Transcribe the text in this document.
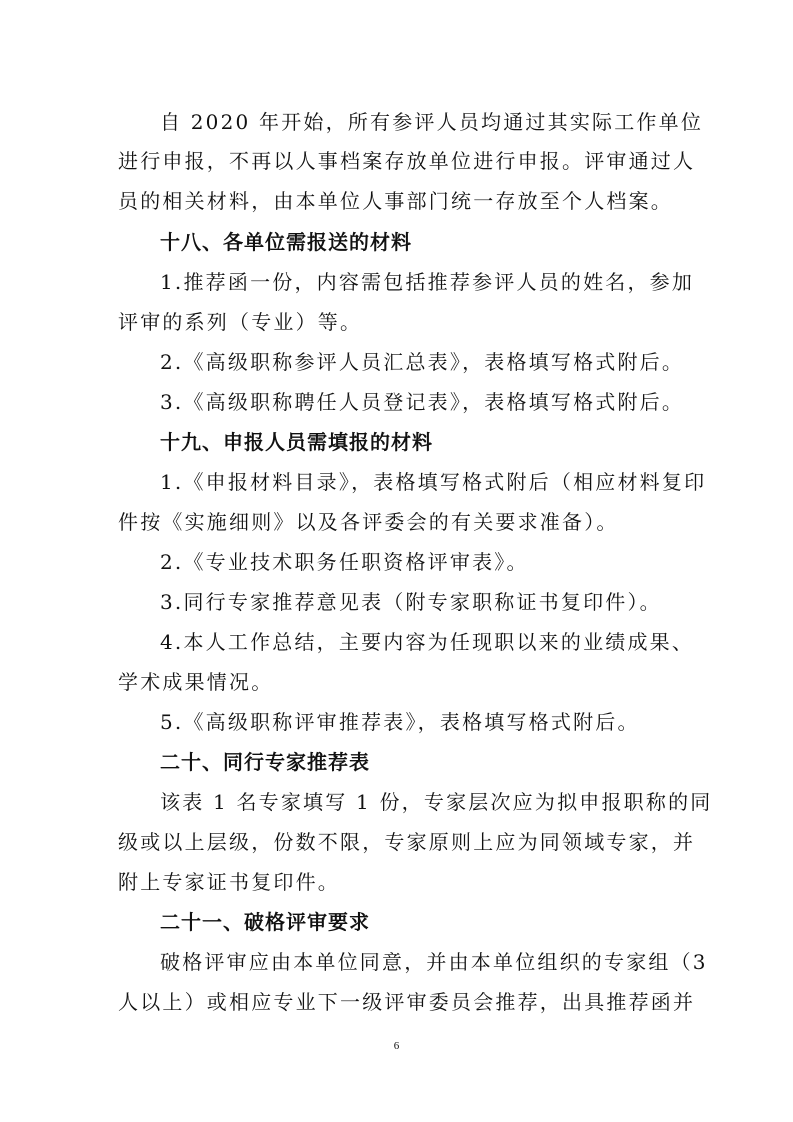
自 2020 年开始，所有参评人员均通过其实际工作单位
进行申报，不再以人事档案存放单位进行申报。评审通过人
员的相关材料，由本单位人事部门统一存放至个人档案。
十八、各单位需报送的材料
1.推荐函一份，内容需包括推荐参评人员的姓名，参加
评审的系列（专业）等。
2.《高级职称参评人员汇总表》，表格填写格式附后。
3.《高级职称聘任人员登记表》，表格填写格式附后。
十九、申报人员需填报的材料
1.《申报材料目录》，表格填写格式附后（相应材料复印
件按《实施细则》以及各评委会的有关要求准备）。
2.《专业技术职务任职资格评审表》。
3.同行专家推荐意见表（附专家职称证书复印件）。
4.本人工作总结，主要内容为任现职以来的业绩成果、
学术成果情况。
5.《高级职称评审推荐表》，表格填写格式附后。
二十、同行专家推荐表
该表 1 名专家填写 1 份，专家层次应为拟申报职称的同
级或以上层级，份数不限，专家原则上应为同领域专家，并
附上专家证书复印件。
二十一、破格评审要求
破格评审应由本单位同意，并由本单位组织的专家组（3
人以上）或相应专业下一级评审委员会推荐，出具推荐函并
6
